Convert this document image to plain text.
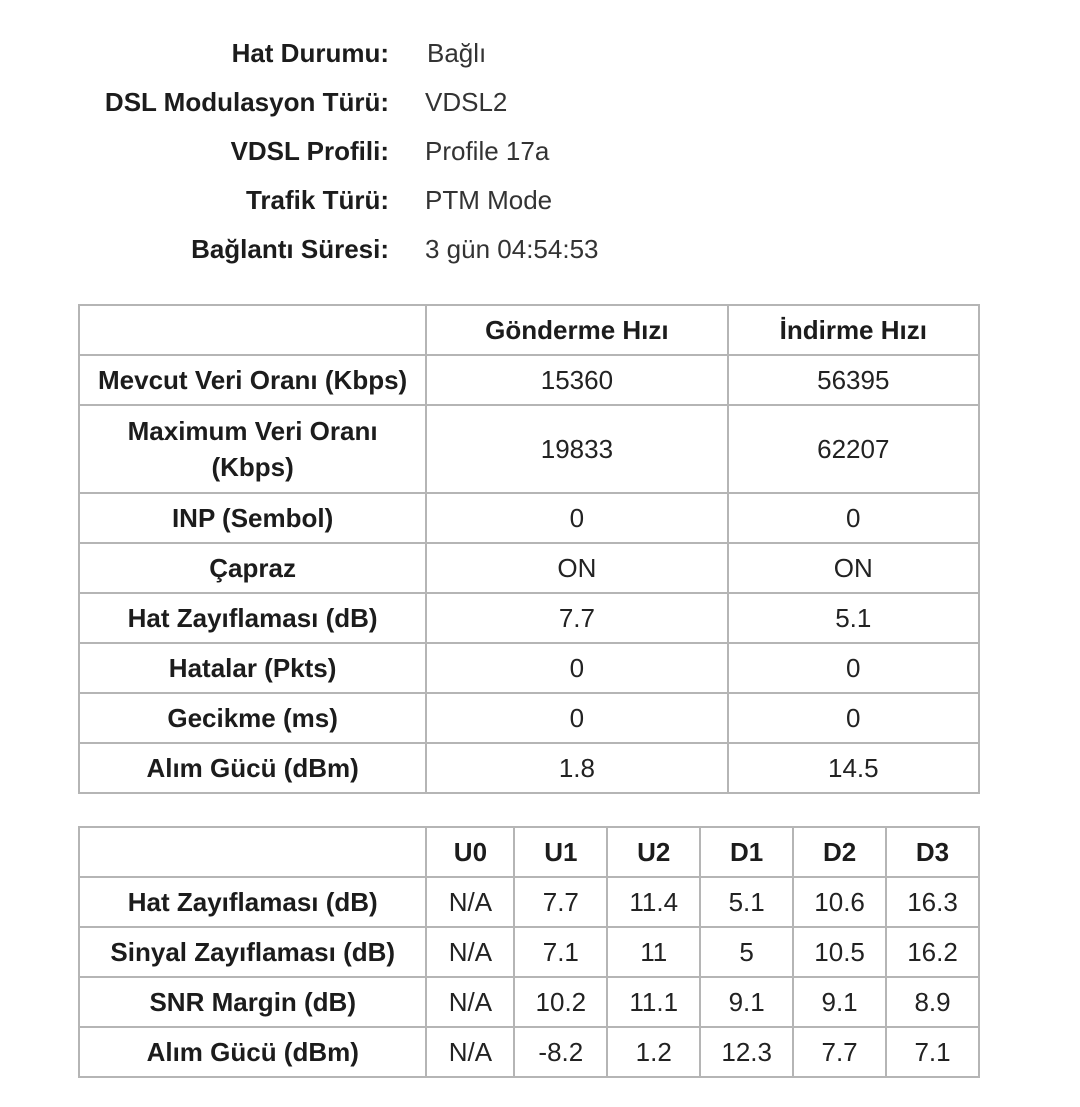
Hat Durumu: Bağlı
DSL Modulasyon Türü: VDSL2
VDSL Profili: Profile 17a
Trafik Türü: PTM Mode
Bağlantı Süresi: 3 gün 04:54:53
	Gönderme Hızı	İndirme Hızı
Mevcut Veri Oranı (Kbps)	15360	56395
Maximum Veri Oranı
(Kbps)	19833	62207
INP (Sembol)	0	0
Çapraz	ON	ON
Hat Zayıflaması (dB)	7.7	5.1
Hatalar (Pkts)	0	0
Gecikme (ms)	0	0
Alım Gücü (dBm)	1.8	14.5
	U0	U1	U2	D1	D2	D3
Hat Zayıflaması (dB)	N/A	7.7	11.4	5.1	10.6	16.3
Sinyal Zayıflaması (dB)	N/A	7.1	11	5	10.5	16.2
SNR Margin (dB)	N/A	10.2	11.1	9.1	9.1	8.9
Alım Gücü (dBm)	N/A	-8.2	1.2	12.3	7.7	7.1
